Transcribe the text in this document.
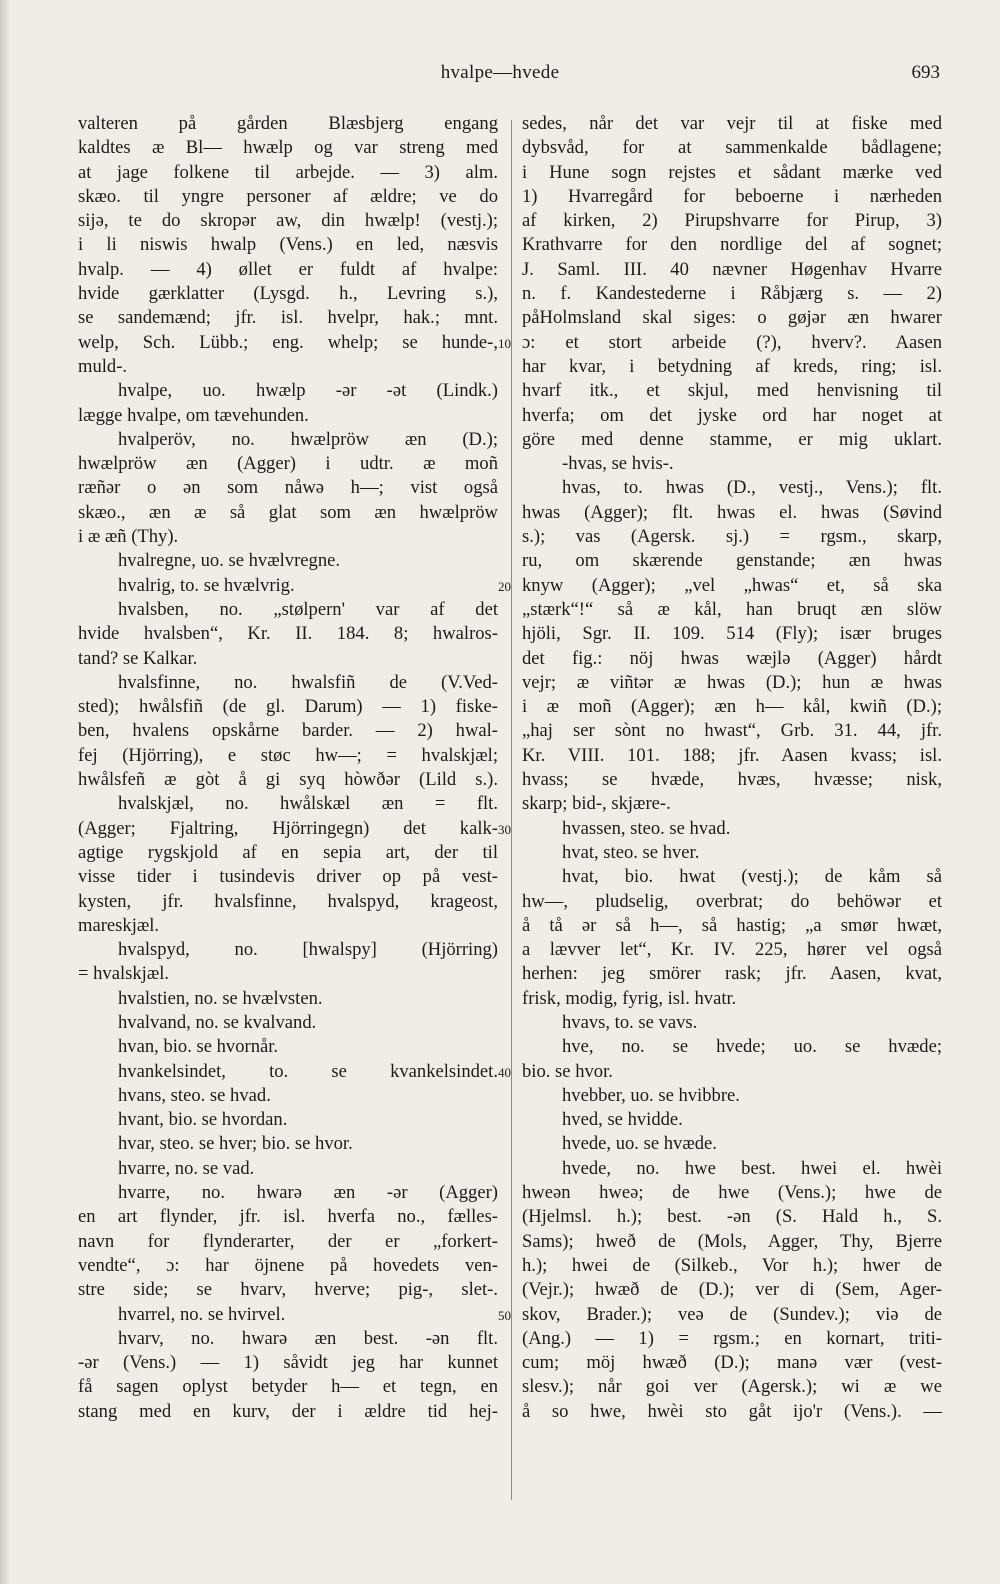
hvalpe—hvede	693
valteren på gården Blæsbjerg engang
kaldtes æ Bl— hwælp og var streng med
at jage folkene til arbejde. — 3) alm.
skæo. til yngre personer af ældre; ve do
sijə, te do skropər aw, din hwælp! (vestj.);
i li niswis hwalp (Vens.) en led, næsvis
hvalp. — 4) øllet er fuldt af hvalpe:
hvide gærklatter (Lysgd. h., Levring s.),
se sandemænd; jfr. isl. hvelpr, hak.; mnt.
welp, Sch. Lübb.; eng. whelp; se hunde-,
muld-.
hvalpe, uo. hwælp -ər -ət (Lindk.)
lægge hvalpe, om tævehunden.
hvalperöv, no. hwælpröw æn (D.);
hwælpröw æn (Agger) i udtr. æ moñ
ræñər o ən som nåwə h—; vist også
skæo., æn æ så glat som æn hwælpröw
i æ æñ (Thy).
hvalregne, uo. se hvælvregne.
hvalrig, to. se hvælvrig.
hvalsben, no. „stølpern' var af det
hvide hvalsben“, Kr. II. 184. 8; hwalros-
tand? se Kalkar.
hvalsfinne, no. hwalsfiñ de (V.Ved-
sted); hwålsfiñ (de gl. Darum) — 1) fiske-
ben, hvalens opskårne barder. — 2) hwal-
fej (Hjörring), e støc hw—; = hvalskjæl;
hwålsfeñ æ gòt å gi syq hòwðər (Lild s.).
hvalskjæl, no. hwålskæl æn = flt.
(Agger; Fjaltring, Hjörringegn) det kalk-
agtige rygskjold af en sepia art, der til
visse tider i tusindevis driver op på vest-
kysten, jfr. hvalsfinne, hvalspyd, krageost,
mareskjæl.
hvalspyd, no. [hwalspy] (Hjörring)
= hvalskjæl.
hvalstien, no. se hvælvsten.
hvalvand, no. se kvalvand.
hvan, bio. se hvornår.
hvankelsindet, to. se kvankelsindet.
hvans, steo. se hvad.
hvant, bio. se hvordan.
hvar, steo. se hver; bio. se hvor.
hvarre, no. se vad.
hvarre, no. hwarə æn -ər (Agger)
en art flynder, jfr. isl. hverfa no., fælles-
navn for flynderarter, der er „forkert-
vendte“, ɔ: har öjnene på hovedets ven-
stre side; se hvarv, hverve; pig-, slet-.
hvarrel, no. se hvirvel.
hvarv, no. hwarə æn best. -ən flt.
-ər (Vens.) — 1) såvidt jeg har kunnet
få sagen oplyst betyder h— et tegn, en
stang med en kurv, der i ældre tid hej-
sedes, når det var vejr til at fiske med
dybsvåd, for at sammenkalde bådlagene;
i Hune sogn rejstes et sådant mærke ved
1) Hvarregård for beboerne i nærheden
af kirken, 2) Pirupshvarre for Pirup, 3)
Krathvarre for den nordlige del af sognet;
J. Saml. III. 40 nævner Høgenhav Hvarre
n. f. Kandestederne i Råbjærg s. — 2)
påHolmsland skal siges: o gøjər æn hwarer
ɔ: et stort arbeide (?), hverv?. Aasen
har kvar, i betydning af kreds, ring; isl.
hvarf itk., et skjul, med henvisning til
hverfa; om det jyske ord har noget at
göre med denne stamme, er mig uklart.
-hvas, se hvis-.
hvas, to. hwas (D., vestj., Vens.); flt.
hwas (Agger); flt. hwas el. hwas (Søvind
s.); vas (Agersk. sj.) = rgsm., skarp,
ru, om skærende genstande; æn hwas
knyw (Agger); „vel „hwas“ et, så ska
„stærk“!“ så æ kål, han bruqt æn slöw
hjöli, Sgr. II. 109. 514 (Fly); især bruges
det fig.: nöj hwas wæjlə (Agger) hårdt
vejr; æ viñtər æ hwas (D.); hun æ hwas
i æ moñ (Agger); æn h— kål, kwiñ (D.);
„haj ser sònt no hwast“, Grb. 31. 44, jfr.
Kr. VIII. 101. 188; jfr. Aasen kvass; isl.
hvass; se hvæde, hvæs, hvæsse; nisk,
skarp; bid-, skjære-.
hvassen, steo. se hvad.
hvat, steo. se hver.
hvat, bio. hwat (vestj.); de kåm så
hw—, pludselig, overbrat; do behöwər et
å tå ər så h—, så hastig; „a smør hwæt,
a lævver let“, Kr. IV. 225, hører vel også
herhen: jeg smörer rask; jfr. Aasen, kvat,
frisk, modig, fyrig, isl. hvatr.
hvavs, to. se vavs.
hve, no. se hvede; uo. se hvæde;
bio. se hvor.
hvebber, uo. se hvibbre.
hved, se hvidde.
hvede, uo. se hvæde.
hvede, no. hwe best. hwei el. hwèi
hweən hweə; de hwe (Vens.); hwe de
(Hjelmsl. h.); best. -ən (S. Hald h., S.
Sams); hweð de (Mols, Agger, Thy, Bjerre
h.); hwei de (Silkeb., Vor h.); hwer de
(Vejr.); hwæð de (D.); ver di (Sem, Ager-
skov, Brader.); veə de (Sundev.); viə de
(Ang.) — 1) = rgsm.; en kornart, triti-
cum; möj hwæð (D.); manə vær (vest-
slesv.); når goi ver (Agersk.); wi æ we
å so hwe, hwèi sto gåt ijo'r (Vens.). —
10
20
30
40
50
